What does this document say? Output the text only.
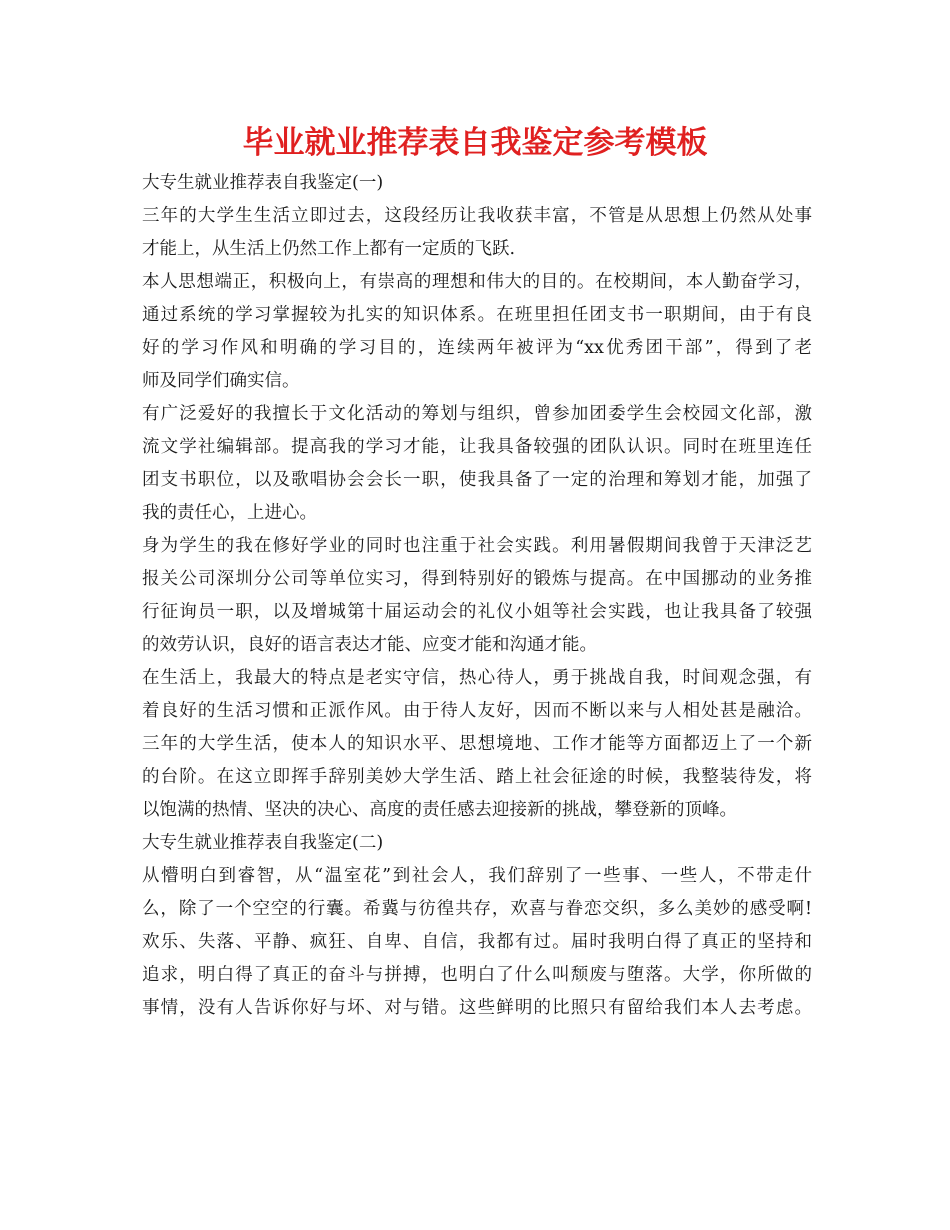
毕业就业推荐表自我鉴定参考模板
大专生就业推荐表自我鉴定(一)
三年的大学生生活立即过去，这段经历让我收获丰富，不管是从思想上仍然从处事
才能上，从生活上仍然工作上都有一定质的飞跃.
本人思想端正，积极向上，有崇高的理想和伟大的目的。在校期间，本人勤奋学习，
通过系统的学习掌握较为扎实的知识体系。在班里担任团支书一职期间，由于有良
好的学习作风和明确的学习目的，连续两年被评为“xx优秀团干部”，得到了老
师及同学们确实信。
有广泛爱好的我擅长于文化活动的筹划与组织，曾参加团委学生会校园文化部，激
流文学社编辑部。提高我的学习才能，让我具备较强的团队认识。同时在班里连任
团支书职位，以及歌唱协会会长一职，使我具备了一定的治理和筹划才能，加强了
我的责任心，上进心。
身为学生的我在修好学业的同时也注重于社会实践。利用暑假期间我曾于天津泛艺
报关公司深圳分公司等单位实习，得到特别好的锻炼与提高。在中国挪动的业务推
行征询员一职，以及增城第十届运动会的礼仪小姐等社会实践，也让我具备了较强
的效劳认识，良好的语言表达才能、应变才能和沟通才能。
在生活上，我最大的特点是老实守信，热心待人，勇于挑战自我，时间观念强，有
着良好的生活习惯和正派作风。由于待人友好，因而不断以来与人相处甚是融洽。
三年的大学生活，使本人的知识水平、思想境地、工作才能等方面都迈上了一个新
的台阶。在这立即挥手辞别美妙大学生活、踏上社会征途的时候，我整装待发，将
以饱满的热情、坚决的决心、高度的责任感去迎接新的挑战，攀登新的顶峰。
大专生就业推荐表自我鉴定(二)
从懵明白到睿智，从“温室花”到社会人，我们辞别了一些事、一些人，不带走什
么，除了一个空空的行囊。希冀与彷徨共存，欢喜与眷恋交织，多么美妙的感受啊!
欢乐、失落、平静、疯狂、自卑、自信，我都有过。届时我明白得了真正的坚持和
追求，明白得了真正的奋斗与拼搏，也明白了什么叫颓废与堕落。大学，你所做的
事情，没有人告诉你好与坏、对与错。这些鲜明的比照只有留给我们本人去考虑。
